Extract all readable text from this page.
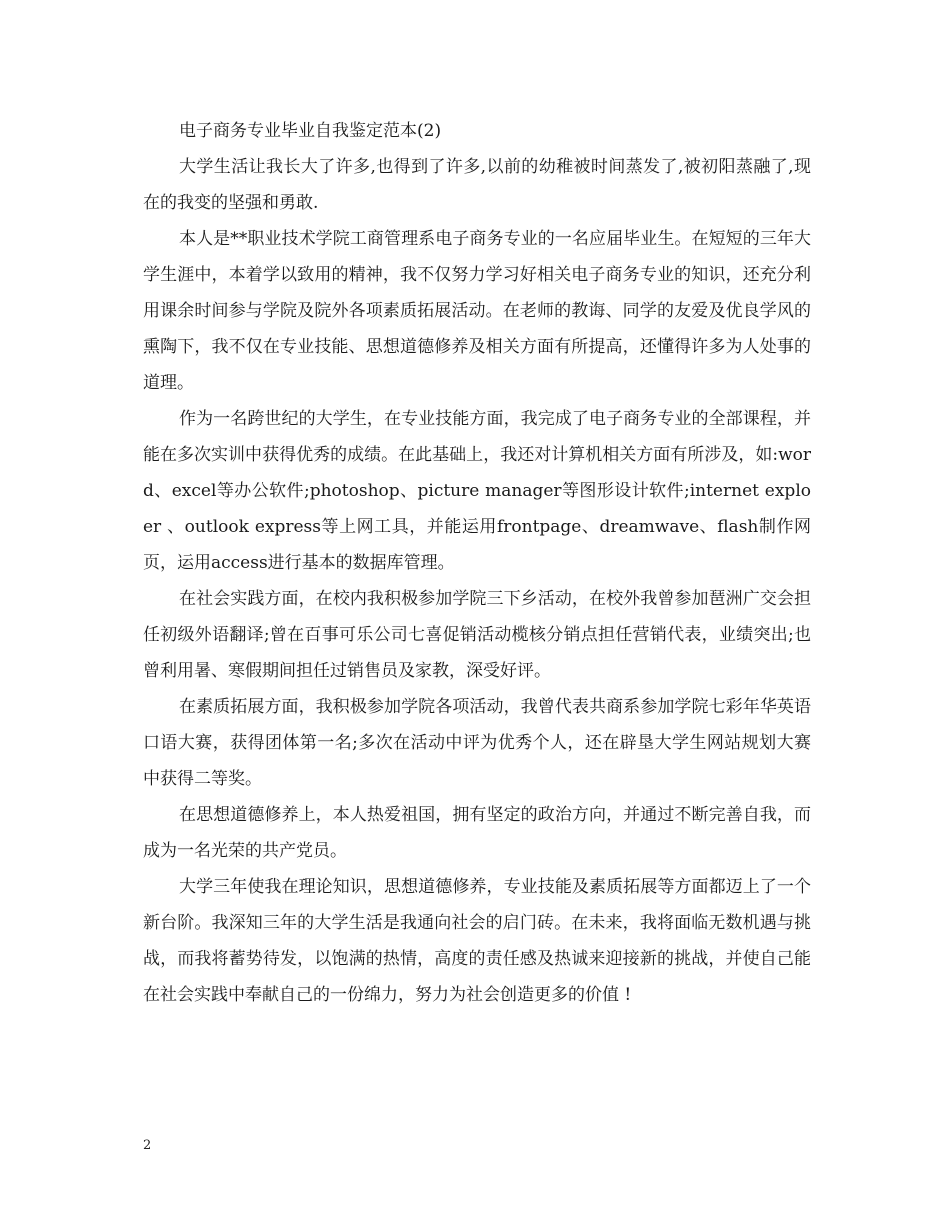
电子商务专业毕业自我鉴定范本(2)

大学生活让我长大了许多,也得到了许多,以前的幼稚被时间蒸发了,被初阳蒸融了,现在的我变的坚强和勇敢.

本人是**职业技术学院工商管理系电子商务专业的一名应届毕业生。在短短的三年大学生涯中，本着学以致用的精神，我不仅努力学习好相关电子商务专业的知识，还充分利用课余时间参与学院及院外各项素质拓展活动。在老师的教诲、同学的友爱及优良学风的熏陶下，我不仅在专业技能、思想道德修养及相关方面有所提高，还懂得许多为人处事的道理。

作为一名跨世纪的大学生，在专业技能方面，我完成了电子商务专业的全部课程，并能在多次实训中获得优秀的成绩。在此基础上，我还对计算机相关方面有所涉及，如:word、excel等办公软件;photoshop、picture manager等图形设计软件;internet exploer 、outlook express等上网工具，并能运用frontpage、dreamwave、flash制作网页，运用access进行基本的数据库管理。

在社会实践方面，在校内我积极参加学院三下乡活动，在校外我曾参加琶洲广交会担任初级外语翻译;曾在百事可乐公司七喜促销活动榄核分销点担任营销代表，业绩突出;也曾利用暑、寒假期间担任过销售员及家教，深受好评。

在素质拓展方面，我积极参加学院各项活动，我曾代表共商系参加学院七彩年华英语口语大赛，获得团体第一名;多次在活动中评为优秀个人，还在辟垦大学生网站规划大赛中获得二等奖。

在思想道德修养上，本人热爱祖国，拥有坚定的政治方向，并通过不断完善自我，而成为一名光荣的共产党员。

大学三年使我在理论知识，思想道德修养，专业技能及素质拓展等方面都迈上了一个新台阶。我深知三年的大学生活是我通向社会的启门砖。在未来，我将面临无数机遇与挑战，而我将蓄势待发，以饱满的热情，高度的责任感及热诚来迎接新的挑战，并使自己能在社会实践中奉献自己的一份绵力，努力为社会创造更多的价值 !

2
